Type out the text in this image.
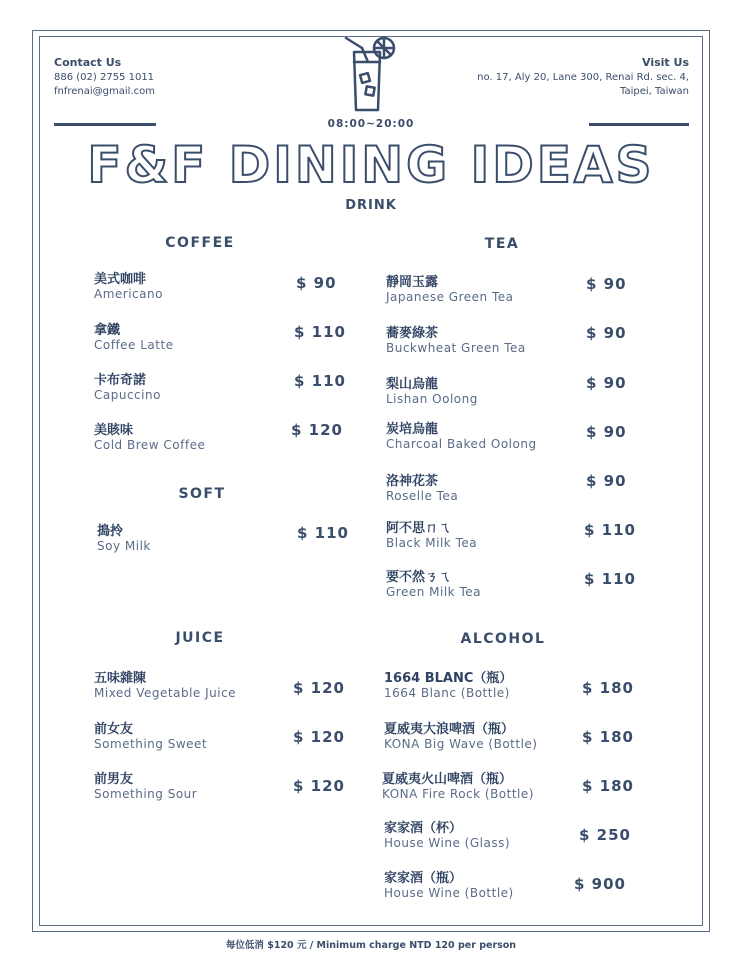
Contact Us
886 (02) 2755 1011
fnfrenai@gmail.com
Visit Us
no. 17, Aly 20, Lane 300, Renai Rd. sec. 4,
Taipei, Taiwan
08:00~20:00
F&F DINING IDEAS
DRINK
COFFEE	TEA
SOFT
JUICE	ALCOHOL
美式咖啡
Americano
$ 90
拿鐵
Coffee Latte
$ 110
卡布奇諾
Capuccino
$ 110
美賅味
Cold Brew Coffee
$ 120
搗拎
Soy Milk
$ 110
靜岡玉露
Japanese Green Tea
$ 90
蕎麥綠茶
Buckwheat Green Tea
$ 90
梨山烏龍
Lishan Oolong
$ 90
炭培烏龍
Charcoal Baked Oolong
$ 90
洛神花茶
Roselle Tea
$ 90
阿不思ㄇㄟ
Black Milk Tea
$ 110
要不然ㄋㄟ
Green Milk Tea
$ 110
五味雜陳
Mixed Vegetable Juice	$ 120
前女友
Something Sweet	$ 120
前男友
Something Sour	$ 120
1664 BLANC（瓶）
1664 Blanc (Bottle)	$ 180
夏威夷大浪啤酒（瓶）
KONA Big Wave (Bottle)	$ 180
夏威夷火山啤酒（瓶）
KONA Fire Rock (Bottle)	$ 180
家家酒（杯）
House Wine (Glass)	$ 250
家家酒（瓶）
House Wine (Bottle)	$ 900
每位低消 $120 元 / Minimum charge NTD 120 per person
